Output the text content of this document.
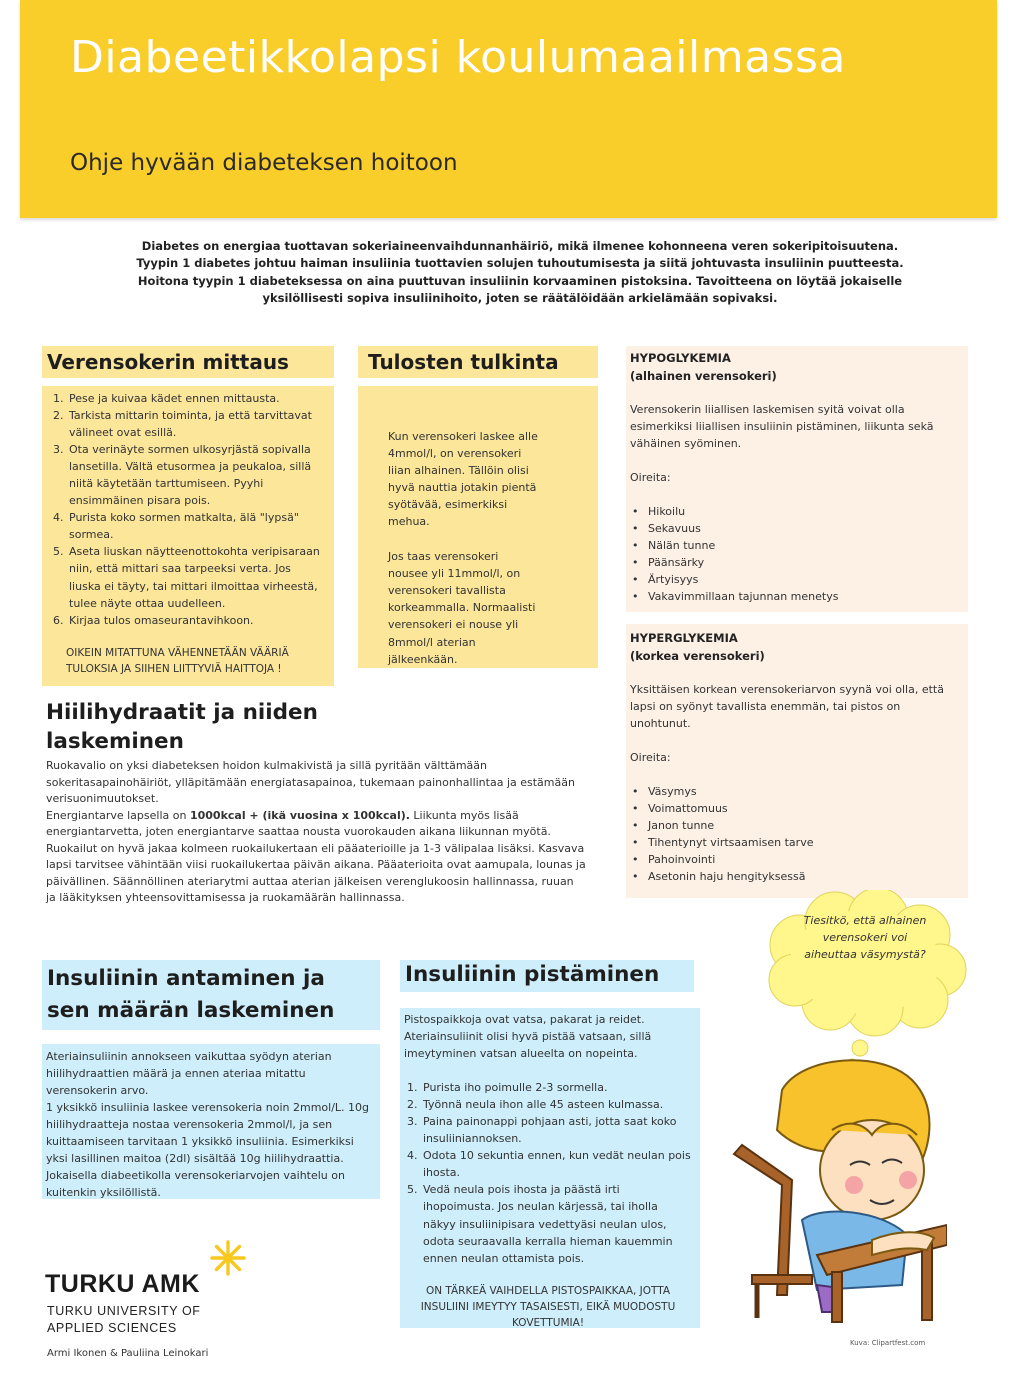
Diabeetikkolapsi koulumaailmassa
Ohje hyvään diabeteksen hoitoon

Diabetes on energiaa tuottavan sokeriaineenvaihdunnanhäiriö, mikä ilmenee kohonneena veren sokeripitoisuutena.

Tyypin 1 diabetes johtuu haiman insuliinia tuottavien solujen tuhoutumisesta ja siitä johtuvasta insuliinin puutteesta.

Hoitona tyypin 1 diabeteksessa on aina puuttuvan insuliinin korvaaminen pistoksina. Tavoitteena on löytää jokaiselle

yksilöllisesti sopiva insuliinihoito, joten se räätälöidään arkielämään sopivaksi.

Verensokerin mittaus
1. Pese ja kuivaa kädet ennen mittausta.
2. Tarkista mittarin toiminta, ja että tarvittavat välineet ovat esillä.
3. Ota verinäyte sormen ulkosyrjästä sopivalla lansetilla. Vältä etusormea ja peukaloa, sillä niitä käytetään tarttumiseen. Pyyhi ensimmäinen pisara pois.
4. Purista koko sormen matkalta, älä "lypsä" sormea.
5. Aseta liuskan näytteenottokohta veripisaraan niin, että mittari saa tarpeeksi verta. Jos liuska ei täyty, tai mittari ilmoittaa virheestä, tulee näyte ottaa uudelleen.
6. Kirjaa tulos omaseurantavihkoon.

OIKEIN MITATTUNA VÄHENNETÄÄN VÄÄRIÄ TULOKSIA JA SIIHEN LIITTYVIÄ HAITTOJA !

Tulosten tulkinta

Kun verensokeri laskee alle 4mmol/l, on verensokeri liian alhainen. Tällöin olisi hyvä nauttia jotakin pientä syötävää, esimerkiksi mehua.

Jos taas verensokeri nousee yli 11mmol/l, on verensokeri tavallista korkeammalla. Normaalisti verensokeri ei nouse yli 8mmol/l aterian jälkeenkään.

HYPOGLYKEMIA

(alhainen verensokeri)

Verensokerin liiallisen laskemisen syitä voivat olla esimerkiksi liiallisen insuliinin pistäminen, liikunta sekä vähäinen syöminen.

Oireita:

• Hikoilu
• Sekavuus
• Nälän tunne
• Päänsärky
• Ärtyisyys
• Vakavimmillaan tajunnan menetys

HYPERGLYKEMIA

(korkea verensokeri)

Yksittäisen korkean verensokeriarvon syynä voi olla, että lapsi on syönyt tavallista enemmän, tai pistos on unohtunut.

Oireita:

• Väsymys
• Voimattomuus
• Janon tunne
• Tihentynyt virtsaamisen tarve
• Pahoinvointi
• Asetonin haju hengityksessä
Hiilihydraatit ja niiden laskeminen

Ruokavalio on yksi diabeteksen hoidon kulmakivistä ja sillä pyritään välttämään sokeritasapainohäiriöt, ylläpitämään energiatasapainoa, tukemaan painonhallintaa ja estämään verisuonimuutokset.

Energiantarve lapsella on 1000kcal + (ikä vuosina x 100kcal). Liikunta myös lisää energiantarvetta, joten energiantarve saattaa nousta vuorokauden aikana liikunnan myötä.

Ruokailut on hyvä jakaa kolmeen ruokailukertaan eli pääaterioille ja 1-3 välipalaa lisäksi. Kasvava lapsi tarvitsee vähintään viisi ruokailukertaa päivän aikana. Pääaterioita ovat aamupala, lounas ja päivällinen. Säännöllinen ateriarytmi auttaa aterian jälkeisen verenglukoosin hallinnassa, ruuan ja lääkityksen yhteensovittamisessa ja ruokamäärän hallinnassa.

Insuliinin antaminen ja sen määrän laskeminen

Ateriainsuliinin annokseen vaikuttaa syödyn aterian hiilihydraattien määrä ja ennen ateriaa mitattu verensokerin arvo.

1 yksikkö insuliinia laskee verensokeria noin 2mmol/L. 10g hiilihydraatteja nostaa verensokeria 2mmol/l, ja sen kuittaamiseen tarvitaan 1 yksikkö insuliinia. Esimerkiksi yksi lasillinen maitoa (2dl) sisältää 10g hiilihydraattia. Jokaisella diabeetikolla verensokeriarvojen vaihtelu on kuitenkin yksilöllistä.

Insuliinin pistäminen

Pistospaikkoja ovat vatsa, pakarat ja reidet. Ateriainsuliinit olisi hyvä pistää vatsaan, sillä imeytyminen vatsan alueelta on nopeinta.

1. Purista iho poimulle 2-3 sormella.
2. Työnnä neula ihon alle 45 asteen kulmassa.
3. Paina painonappi pohjaan asti, jotta saat koko insuliiniannoksen.
4. Odota 10 sekuntia ennen, kun vedät neulan pois ihosta.
5. Vedä neula pois ihosta ja päästä irti ihopoimusta. Jos neulan kärjessä, tai iholla näkyy insuliinipisara vedettyäsi neulan ulos, odota seuraavalla kerralla hieman kauemmin ennen neulan ottamista pois.

ON TÄRKEÄ VAIHDELLA PISTOSPAIKKAA, JOTTA INSULIINI IMEYTYY TASAISESTI, EIKÄ MUODOSTU KOVETTUMIA!

Tiesitkö, että alhainen verensokeri voi aiheuttaa väsymystä?
TURKU AMK
TURKU UNIVERSITY OF
APPLIED SCIENCES
Armi Ikonen & Pauliina Leinokari
Kuva: Clipartfest.com
